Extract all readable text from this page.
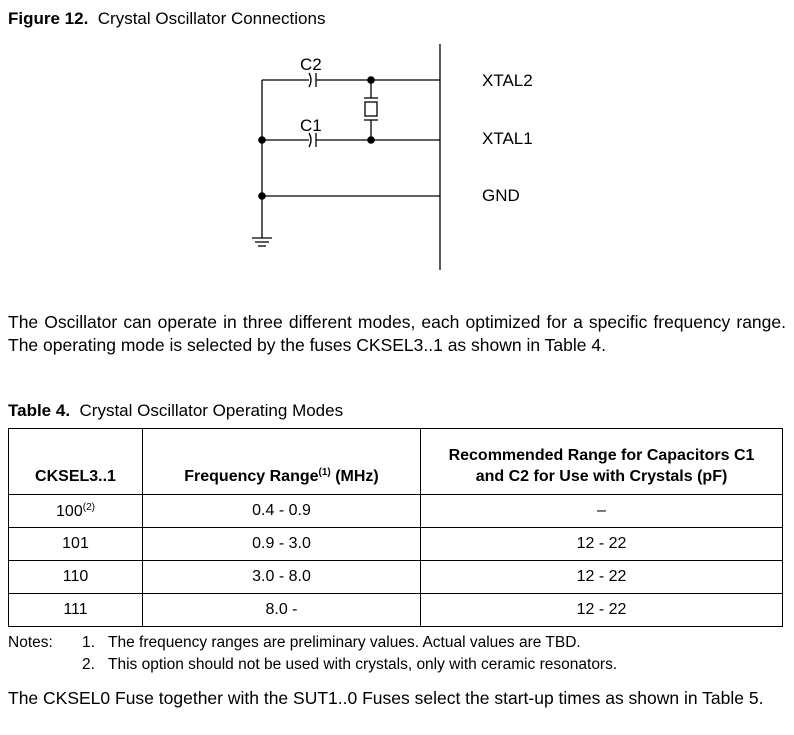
Figure 12. Crystal Oscillator Connections
C2
C1
XTAL2
XTAL1
GND
The Oscillator can operate in three different modes, each optimized for a specific frequency range. The operating mode is selected by the fuses CKSEL3..1 as shown in Table 4.
Table 4. Crystal Oscillator Operating Modes
CKSEL3..1	Frequency Range$^{(1)}$ (MHz)	Recommended Range for Capacitors C1
and C2 for Use with Crystals (pF)
100$^{(2)}$	0.4 - 0.9	–
101	0.9 - 3.0	12 - 22
110	3.0 - 8.0	12 - 22
111	8.0 -	12 - 22
Notes:	1. The frequency ranges are preliminary values. Actual values are TBD.
2. This option should not be used with crystals, only with ceramic resonators.
The CKSEL0 Fuse together with the SUT1..0 Fuses select the start-up times as shown in Table 5.
